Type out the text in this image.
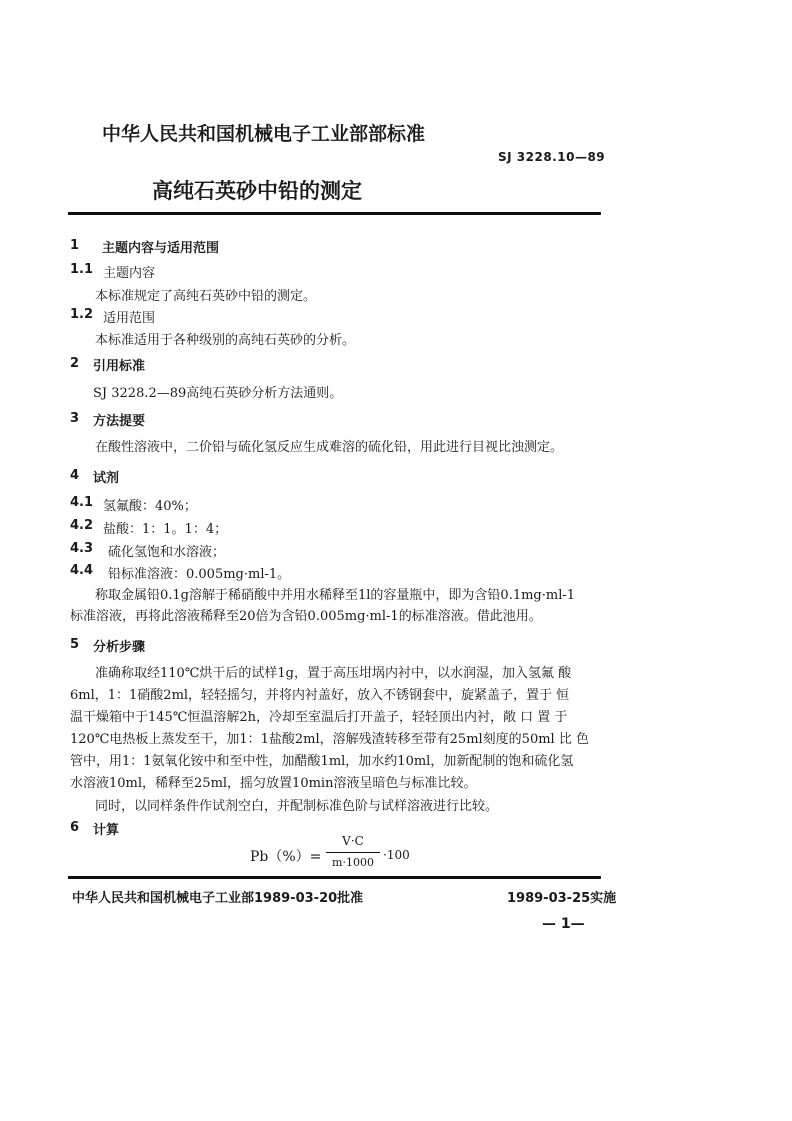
中华人民共和国机械电子工业部部标准
SJ 3228.10—89
高纯石英砂中铅的测定
1 主题内容与适用范围
1.1 主题内容
本标准规定了高纯石英砂中铅的测定。
1.2 适用范围
本标准适用于各种级别的高纯石英砂的分析。
2 引用标准
SJ 3228.2—89高纯石英砂分析方法通则。
3 方法提要
在酸性溶液中，二价铅与硫化氢反应生成难溶的硫化铅，用此进行目视比浊测定。
4 试剂
4.1 氢氟酸：40%；
4.2 盐酸：1：1。1：4；
4.3 硫化氢饱和水溶液；
4.4 铅标准溶液：0.005mg·ml-1。
称取金属铅0.1g溶解于稀硝酸中并用水稀释至1l的容量瓶中，即为含铅0.1mg·ml-1
标准溶液，再将此溶液稀释至20倍为含铅0.005mg·ml-1的标准溶液。借此池用。
5 分析步骤
准确称取经110℃烘干后的试样1g，置于高压坩埚内衬中，以水润湿，加入氢氟 酸
6ml，1：1硝酸2ml，轻轻摇匀，并将内衬盖好，放入不锈钢套中，旋紧盖子，置于 恒
温干燥箱中于145℃恒温溶解2h，冷却至室温后打开盖子，轻轻顶出内衬，敞 口 置 于
120℃电热板上蒸发至干，加1：1盐酸2ml，溶解残渣转移至带有25ml刻度的50ml 比 色
管中，用1：1氨氧化铵中和至中性，加醋酸1ml，加水约10ml，加新配制的饱和硫化氢
水溶液10ml，稀释至25ml，摇匀放置10min溶液呈暗色与标准比较。
同时，以同样条件作试剂空白，并配制标准色阶与试样溶液进行比较。
6 计算
Pb（%）=
V·C
m·1000
·100
中华人民共和国机械电子工业部1989-03-20批准	1989-03-25实施
— 1—
